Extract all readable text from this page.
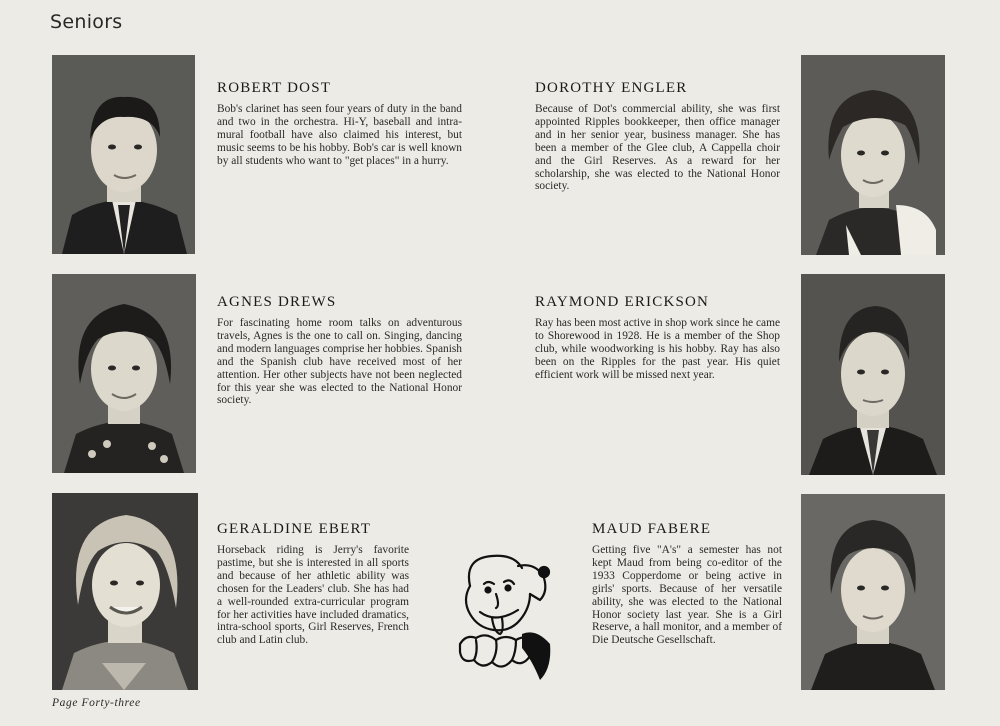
Seniors
ROBERT DOST

Bob's clarinet has seen four years of duty in the band and two in the orchestra. Hi-Y, baseball and intra-mural football have also claimed his interest, but music seems to be his hobby. Bob's car is well known by all students who want to "get places" in a hurry.

DOROTHY ENGLER

Because of Dot's commercial ability, she was first appointed Ripples bookkeeper, then office manager and in her senior year, business manager. She has been a member of the Glee club, A Cappella choir and the Girl Reserves. As a reward for her scholarship, she was elected to the National Honor society.

AGNES DREWS

For fascinating home room talks on adventurous travels, Agnes is the one to call on. Singing, dancing and modern languages comprise her hobbies. Spanish and the Spanish club have received most of her attention. Her other subjects have not been neglected for this year she was elected to the National Honor society.

RAYMOND ERICKSON

Ray has been most active in shop work since he came to Shorewood in 1928. He is a member of the Shop club, while woodworking is his hobby. Ray has also been on the Ripples for the past year. His quiet efficient work will be missed next year.

GERALDINE EBERT

Horseback riding is Jerry's favorite pastime, but she is interested in all sports and because of her athletic ability was chosen for the Leaders' club. She has had a well-rounded extra-curricular program for her activities have included dramatics, intra-school sports, Girl Reserves, French club and Latin club.

MAUD FABERE

Getting five "A's" a semester has not kept Maud from being co-editor of the 1933 Copperdome or being active in girls' sports. Because of her versatile ability, she was elected to the National Honor society last year. She is a Girl Reserve, a hall monitor, and a member of Die Deutsche Gesellschaft.

Page Forty-three
